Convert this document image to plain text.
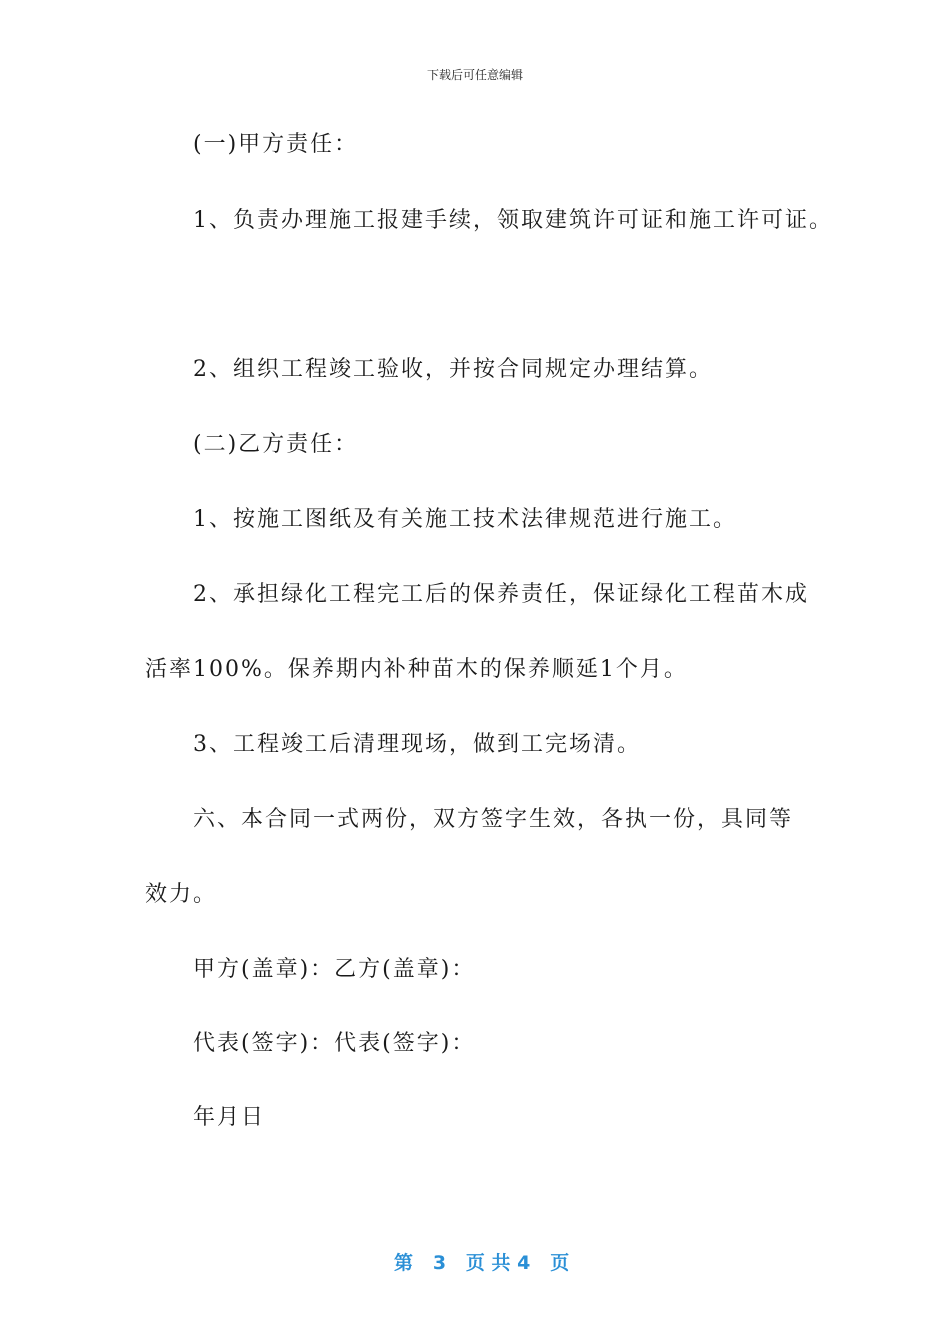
下载后可任意编辑
(一)甲方责任：
1、负责办理施工报建手续，领取建筑许可证和施工许可证。
2、组织工程竣工验收，并按合同规定办理结算。
(二)乙方责任：
1、按施工图纸及有关施工技术法律规范进行施工。
2、承担绿化工程完工后的保养责任，保证绿化工程苗木成
活率100%。保养期内补种苗木的保养顺延1个月。
3、工程竣工后清理现场，做到工完场清。
六、本合同一式两份，双方签字生效，各执一份，具同等
效力。
甲方(盖章)：乙方(盖章)：
代表(签字)：代表(签字)：
年月日

第 3 页 共 4 页
